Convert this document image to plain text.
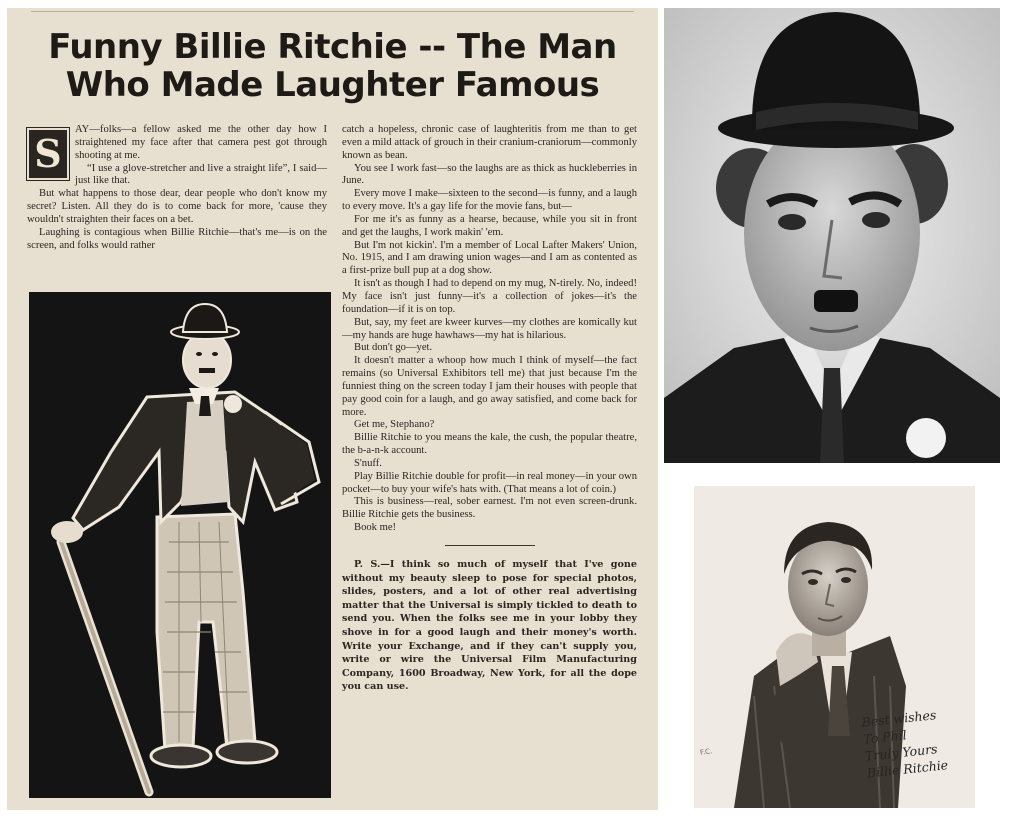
Funny Billie Ritchie -- The Man
Who Made Laughter Famous
S

AY—folks—a fellow asked me the other day how I straightened my face after that camera pest got through shooting at me.

“I use a glove-stretcher and live a straight life”, I said—just like that.

But what happens to those dear, dear people who don't know my secret? Listen. All they do is to come back for more, 'cause they wouldn't straighten their faces on a bet.

Laughing is contagious when Billie Ritchie—that's me—is on the screen, and folks would rather

catch a hopeless, chronic case of laughteritis from me than to get even a mild attack of grouch in their cranium-craniorum—commonly known as bean.

You see I work fast—so the laughs are as thick as huckleberries in June.

Every move I make—sixteen to the second—is funny, and a laugh to every move. It's a gay life for the movie fans, but—

For me it's as funny as a hearse, because, while you sit in front and get the laughs, I work makin' 'em.

But I'm not kickin'. I'm a member of Local Lafter Makers' Union, No. 1915, and I am drawing union wages—and I am as contented as a first-prize bull pup at a dog show.

It isn't as though I had to depend on my mug, N-tirely. No, indeed! My face isn't just funny—it's a collection of jokes—it's the foundation—if it is on top.

But, say, my feet are kweer kurves—my clothes are komically kut—my hands are huge hawhaws—my hat is hilarious.

But don't go—yet.

It doesn't matter a whoop how much I think of myself—the fact remains (so Universal Exhibitors tell me) that just because I'm the funniest thing on the screen today I jam their houses with people that pay good coin for a laugh, and go away satisfied, and come back for more.

Get me, Stephano?

Billie Ritchie to you means the kale, the cush, the popular theatre, the b-a-n-k account.

S'nuff.

Play Billie Ritchie double for profit—in real money—in your own pocket—to buy your wife's hats with. (That means a lot of coin.)

This is business—real, sober earnest. I'm not even screen-drunk. Billie Ritchie gets the business.

Book me!

P. S.—I think so much of myself that I've gone without my beauty sleep to pose for special photos, slides, posters, and a lot of other real advertising matter that the Universal is simply tickled to death to send you. When the folks see me in your lobby they shove in for a good laugh and their money's worth. Write your Exchange, and if they can't supply you, write or wire the Universal Film Manufacturing Company, 1600 Broadway, New York, for all the dope you can use.

Best wishes
To Phil
Truly Yours
Billie Ritchie
F.C.
